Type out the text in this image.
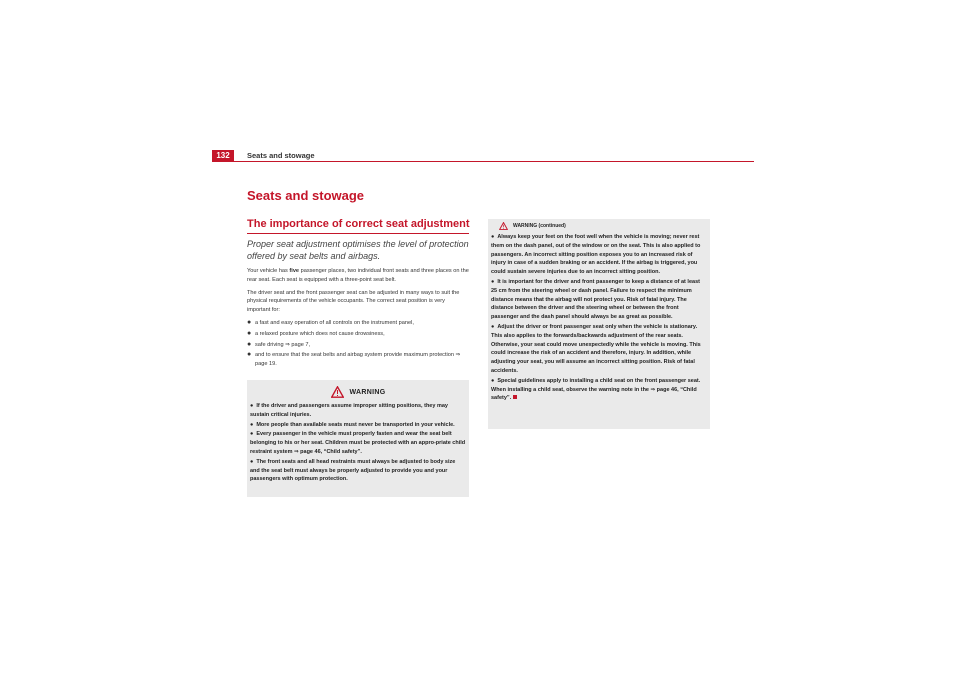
132	Seats and stowage
Seats and stowage
The importance of correct seat adjustment

Proper seat adjustment optimises the level of protection offered by seat belts and airbags.

Your vehicle has five passenger places, two individual front seats and three places on the rear seat. Each seat is equipped with a three-point seat belt.

The driver seat and the front passenger seat can be adjusted in many ways to suit the physical requirements of the vehicle occupants. The correct seat position is very important for:

● a fast and easy operation of all controls on the instrument panel,
● a relaxed posture which does not cause drowsiness,
● safe driving ⇒ page 7,
● and to ensure that the seat belts and airbag system provide maximum protection ⇒ page 19.
WARNING
● If the driver and passengers assume improper sitting positions, they may sustain critical injuries.
● More people than available seats must never be transported in your vehicle.
● Every passenger in the vehicle must properly fasten and wear the seat belt belonging to his or her seat. Children must be protected with an appro-priate child restraint system ⇒ page 46, “Child safety”.
● The front seats and all head restraints must always be adjusted to body size and the seat belt must always be properly adjusted to provide you and your passengers with optimum protection.
WARNING (continued)
● Always keep your feet on the foot well when the vehicle is moving; never rest them on the dash panel, out of the window or on the seat. This is also applied to passengers. An incorrect sitting position exposes you to an increased risk of injury in case of a sudden braking or an accident. If the airbag is triggered, you could sustain severe injuries due to an incorrect sitting position.
● It is important for the driver and front passenger to keep a distance of at least 25 cm from the steering wheel or dash panel. Failure to respect the minimum distance means that the airbag will not protect you. Risk of fatal injury. The distance between the driver and the steering wheel or between the front passenger and the dash panel should always be as great as possible.
● Adjust the driver or front passenger seat only when the vehicle is stationary. This also applies to the forwards/backwards adjustment of the rear seats. Otherwise, your seat could move unexpectedly while the vehicle is moving. This could increase the risk of an accident and therefore, injury. In addition, while adjusting your seat, you will assume an incorrect sitting position. Risk of fatal accidents.
● Special guidelines apply to installing a child seat on the front passenger seat. When installing a child seat, observe the warning note in the ⇒ page 46, “Child safety”.
